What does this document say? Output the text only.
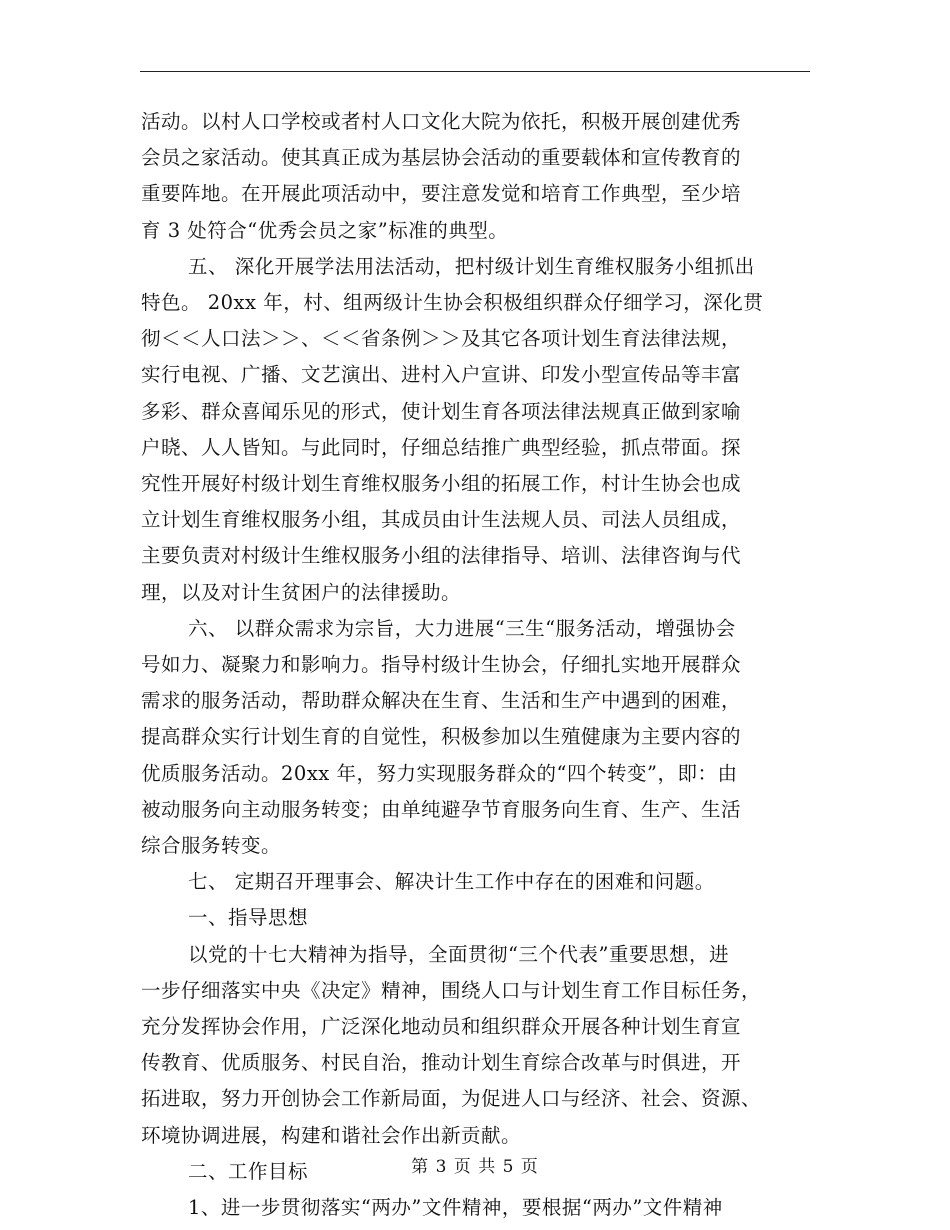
活动。以村人口学校或者村人口文化大院为依托，积极开展创建优秀
会员之家活动。使其真正成为基层协会活动的重要载体和宣传教育的
重要阵地。在开展此项活动中，要注意发觉和培育工作典型，至少培
育 3 处符合“优秀会员之家”标准的典型。
五、 深化开展学法用法活动，把村级计划生育维权服务小组抓出
特色。 20xx 年，村、组两级计生协会积极组织群众仔细学习，深化贯
彻＜＜人口法＞＞、＜＜省条例＞＞及其它各项计划生育法律法规，
实行电视、广播、文艺演出、进村入户宣讲、印发小型宣传品等丰富
多彩、群众喜闻乐见的形式，使计划生育各项法律法规真正做到家喻
户晓、人人皆知。与此同时，仔细总结推广典型经验，抓点带面。探
究性开展好村级计划生育维权服务小组的拓展工作，村计生协会也成
立计划生育维权服务小组，其成员由计生法规人员、司法人员组成，
主要负责对村级计生维权服务小组的法律指导、培训、法律咨询与代
理，以及对计生贫困户的法律援助。
六、 以群众需求为宗旨，大力进展“三生“服务活动，增强协会
号如力、凝聚力和影响力。指导村级计生协会，仔细扎实地开展群众
需求的服务活动，帮助群众解决在生育、生活和生产中遇到的困难，
提高群众实行计划生育的自觉性，积极参加以生殖健康为主要内容的
优质服务活动。20xx 年，努力实现服务群众的“四个转变”，即：由
被动服务向主动服务转变；由单纯避孕节育服务向生育、生产、生活
综合服务转变。
七、 定期召开理事会、解决计生工作中存在的困难和问题。
一、指导思想
以党的十七大精神为指导，全面贯彻“三个代表”重要思想，进
一步仔细落实中央《决定》精神，围绕人口与计划生育工作目标任务，
充分发挥协会作用，广泛深化地动员和组织群众开展各种计划生育宣
传教育、优质服务、村民自治，推动计划生育综合改革与时俱进，开
拓进取，努力开创协会工作新局面，为促进人口与经济、社会、资源、
环境协调进展，构建和谐社会作出新贡献。
二、工作目标
1、进一步贯彻落实“两办”文件精神，要根据“两办”文件精神
第 3 页 共 5 页
